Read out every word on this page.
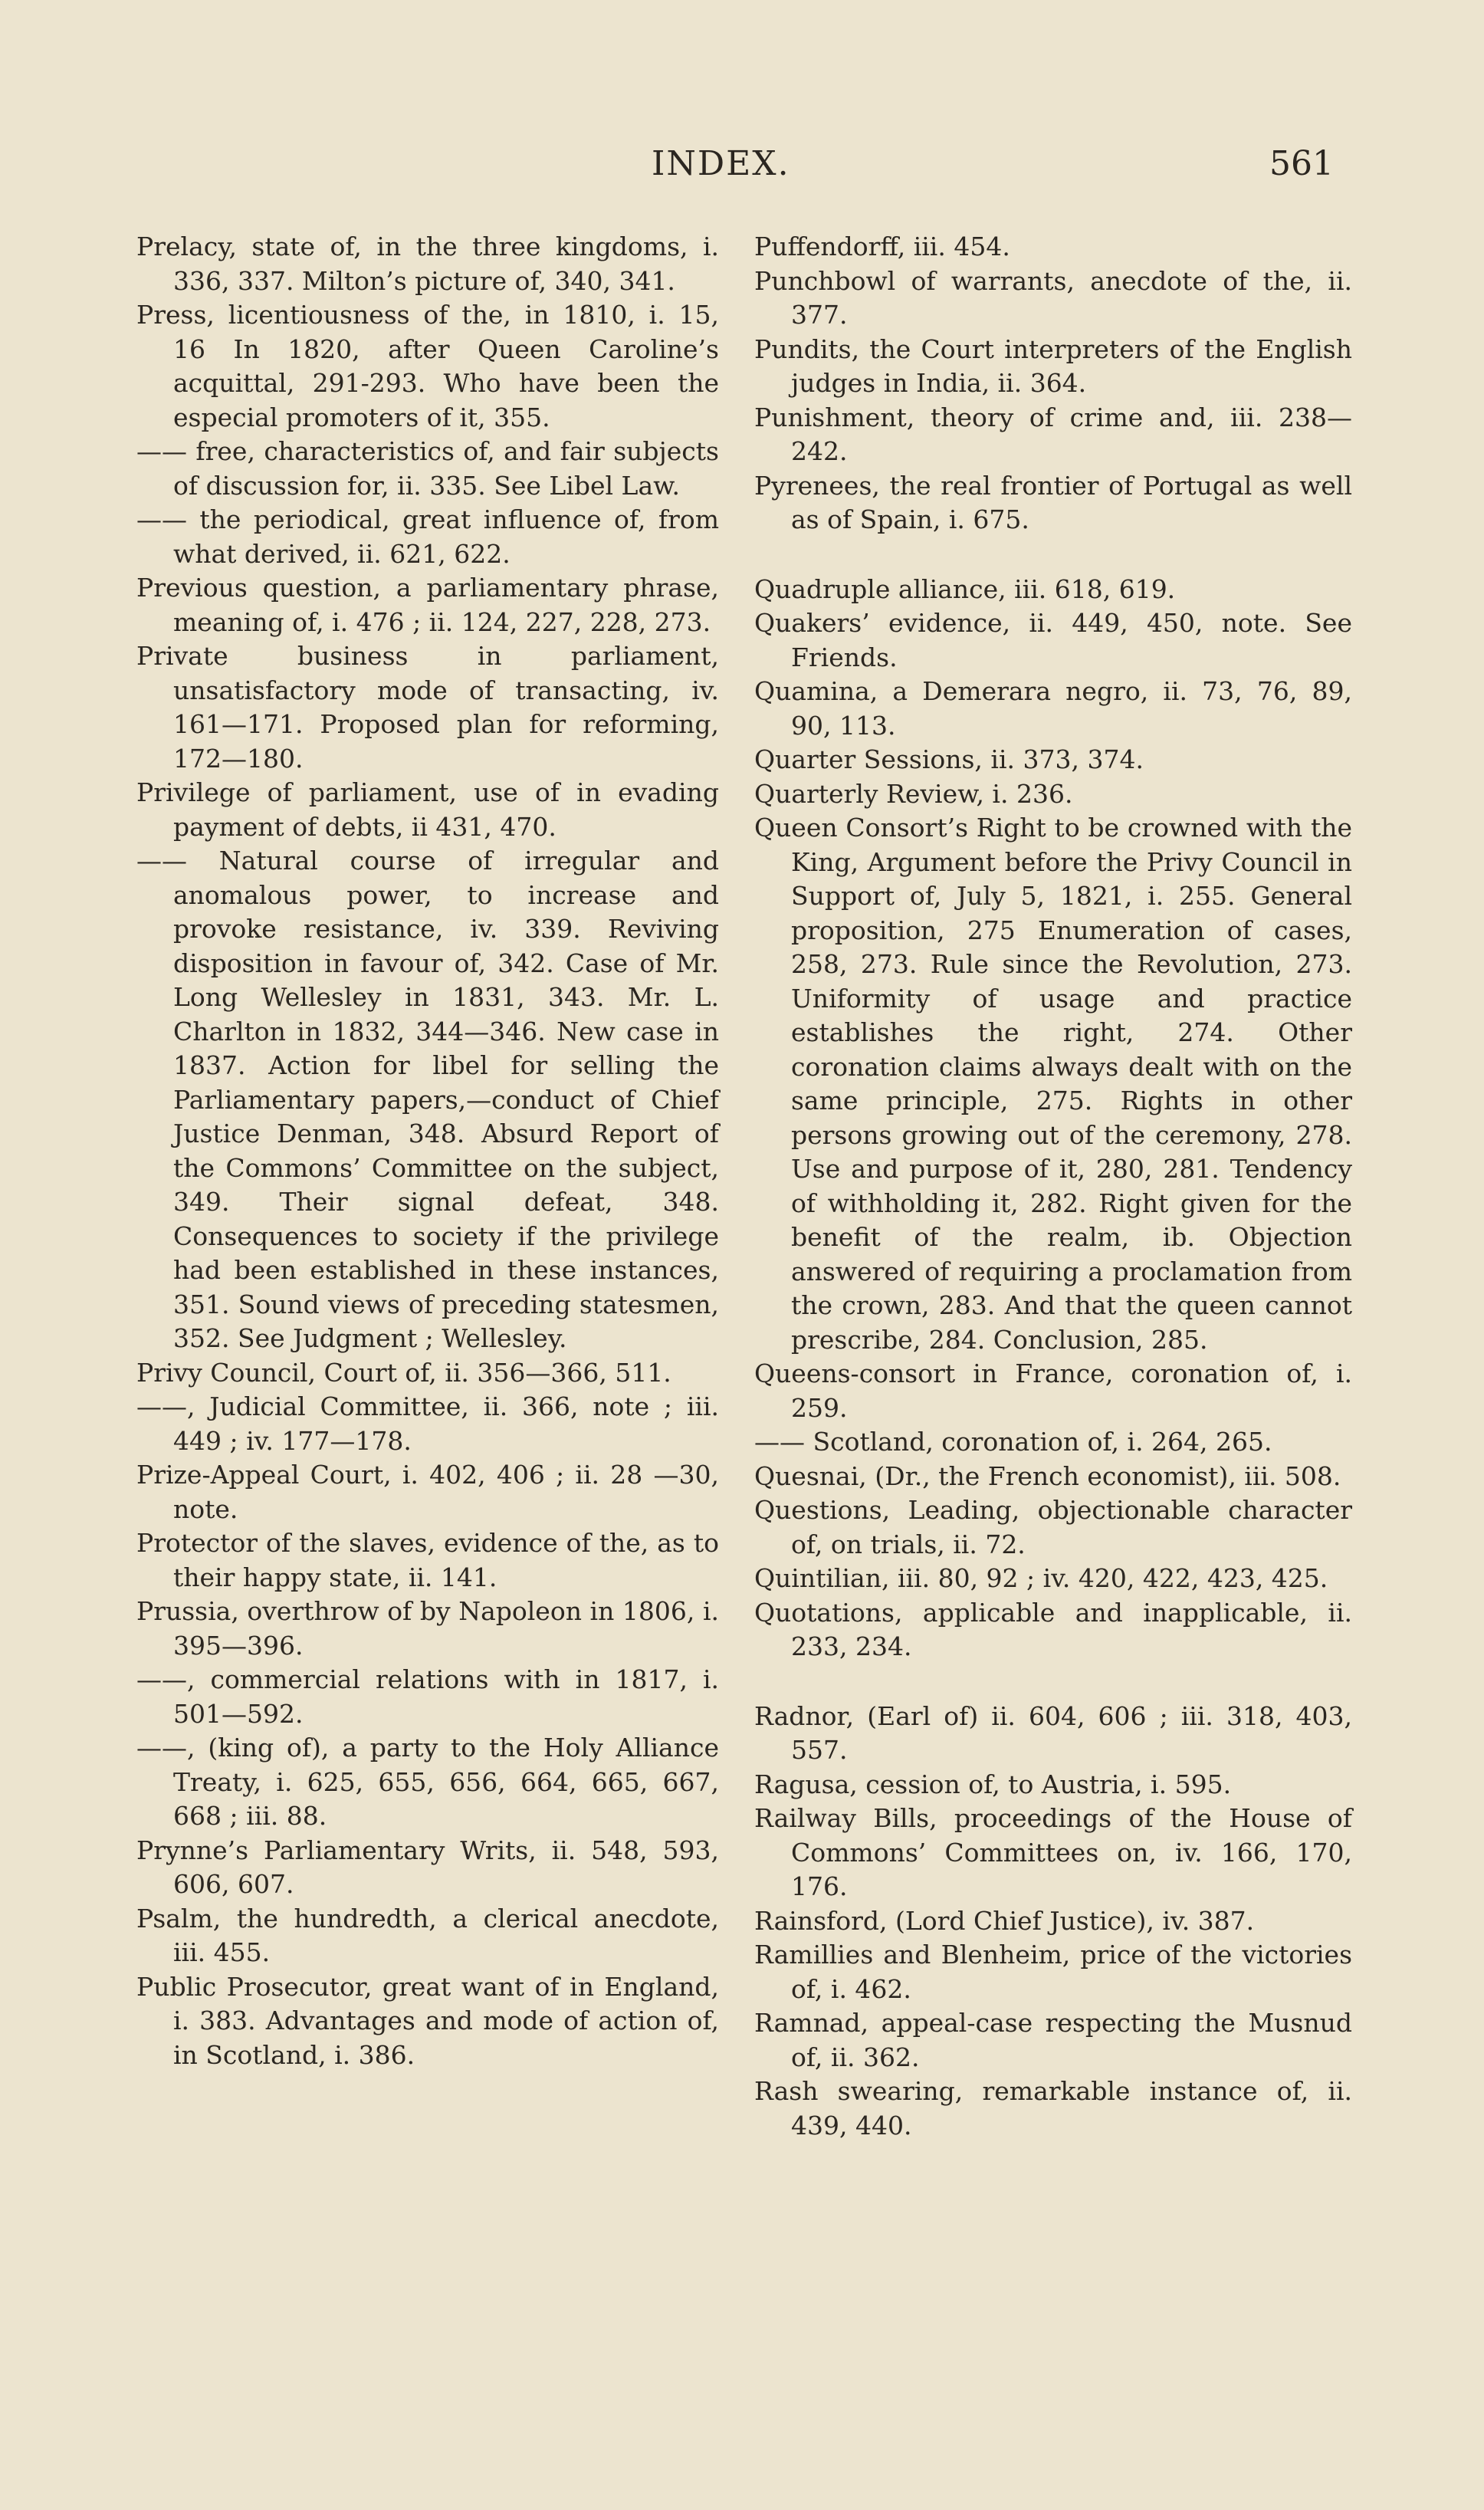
INDEX.	561
Prelacy, state of, in the three kingdoms, i. 336, 337. Milton’s picture of, 340, 341.
Press, licentiousness of the, in 1810, i. 15, 16 In 1820, after Queen Caroline’s acquittal, 291-293. Who have been the especial promoters of it, 355.
—— free, characteristics of, and fair subjects of discussion for, ii. 335. See Libel Law.
—— the periodical, great influence of, from what derived, ii. 621, 622.
Previous question, a parliamentary phrase, meaning of, i. 476 ; ii. 124, 227, 228, 273.
Private business in parliament, unsatisfactory mode of transacting, iv. 161—171. Proposed plan for reforming, 172—180.
Privilege of parliament, use of in evading payment of debts, ii 431, 470.
—— Natural course of irregular and anomalous power, to increase and provoke resistance, iv. 339. Reviving disposition in favour of, 342. Case of Mr. Long Wellesley in 1831, 343. Mr. L. Charlton in 1832, 344—346. New case in 1837. Action for libel for selling the Parliamentary papers,—conduct of Chief Justice Denman, 348. Absurd Report of the Commons’ Committee on the subject, 349. Their signal defeat, 348. Consequences to society if the privilege had been established in these instances, 351. Sound views of preceding statesmen, 352. See Judgment ; Wellesley.
Privy Council, Court of, ii. 356—366, 511.
——, Judicial Committee, ii. 366, note ; iii. 449 ; iv. 177—178.
Prize-Appeal Court, i. 402, 406 ; ii. 28 —30, note.
Protector of the slaves, evidence of the, as to their happy state, ii. 141.
Prussia, overthrow of by Napoleon in 1806, i. 395—396.
——, commercial relations with in 1817, i. 501—592.
——, (king of), a party to the Holy Alliance Treaty, i. 625, 655, 656, 664, 665, 667, 668 ; iii. 88.
Prynne’s Parliamentary Writs, ii. 548, 593, 606, 607.
Psalm, the hundredth, a clerical anecdote, iii. 455.
Public Prosecutor, great want of in England, i. 383. Advantages and mode of action of, in Scotland, i. 386.
Puffendorff, iii. 454.
Punchbowl of warrants, anecdote of the, ii. 377.
Pundits, the Court interpreters of the English judges in India, ii. 364.
Punishment, theory of crime and, iii. 238—242.
Pyrenees, the real frontier of Portugal as well as of Spain, i. 675.
Quadruple alliance, iii. 618, 619.
Quakers’ evidence, ii. 449, 450, note. See Friends.
Quamina, a Demerara negro, ii. 73, 76, 89, 90, 113.
Quarter Sessions, ii. 373, 374.
Quarterly Review, i. 236.
Queen Consort’s Right to be crowned with the King, Argument before the Privy Council in Support of, July 5, 1821, i. 255. General proposition, 275 Enumeration of cases, 258, 273. Rule since the Revolution, 273. Uniformity of usage and practice establishes the right, 274. Other coronation claims always dealt with on the same principle, 275. Rights in other persons growing out of the ceremony, 278. Use and purpose of it, 280, 281. Tendency of withholding it, 282. Right given for the benefit of the realm, ib. Objection answered of requiring a proclamation from the crown, 283. And that the queen cannot prescribe, 284. Conclusion, 285.
Queens-consort in France, coronation of, i. 259.
—— Scotland, coronation of, i. 264, 265.
Quesnai, (Dr., the French economist), iii. 508.
Questions, Leading, objectionable character of, on trials, ii. 72.
Quintilian, iii. 80, 92 ; iv. 420, 422, 423, 425.
Quotations, applicable and inapplicable, ii. 233, 234.
Radnor, (Earl of) ii. 604, 606 ; iii. 318, 403, 557.
Ragusa, cession of, to Austria, i. 595.
Railway Bills, proceedings of the House of Commons’ Committees on, iv. 166, 170, 176.
Rainsford, (Lord Chief Justice), iv. 387.
Ramillies and Blenheim, price of the victories of, i. 462.
Ramnad, appeal-case respecting the Musnud of, ii. 362.
Rash swearing, remarkable instance of, ii. 439, 440.
